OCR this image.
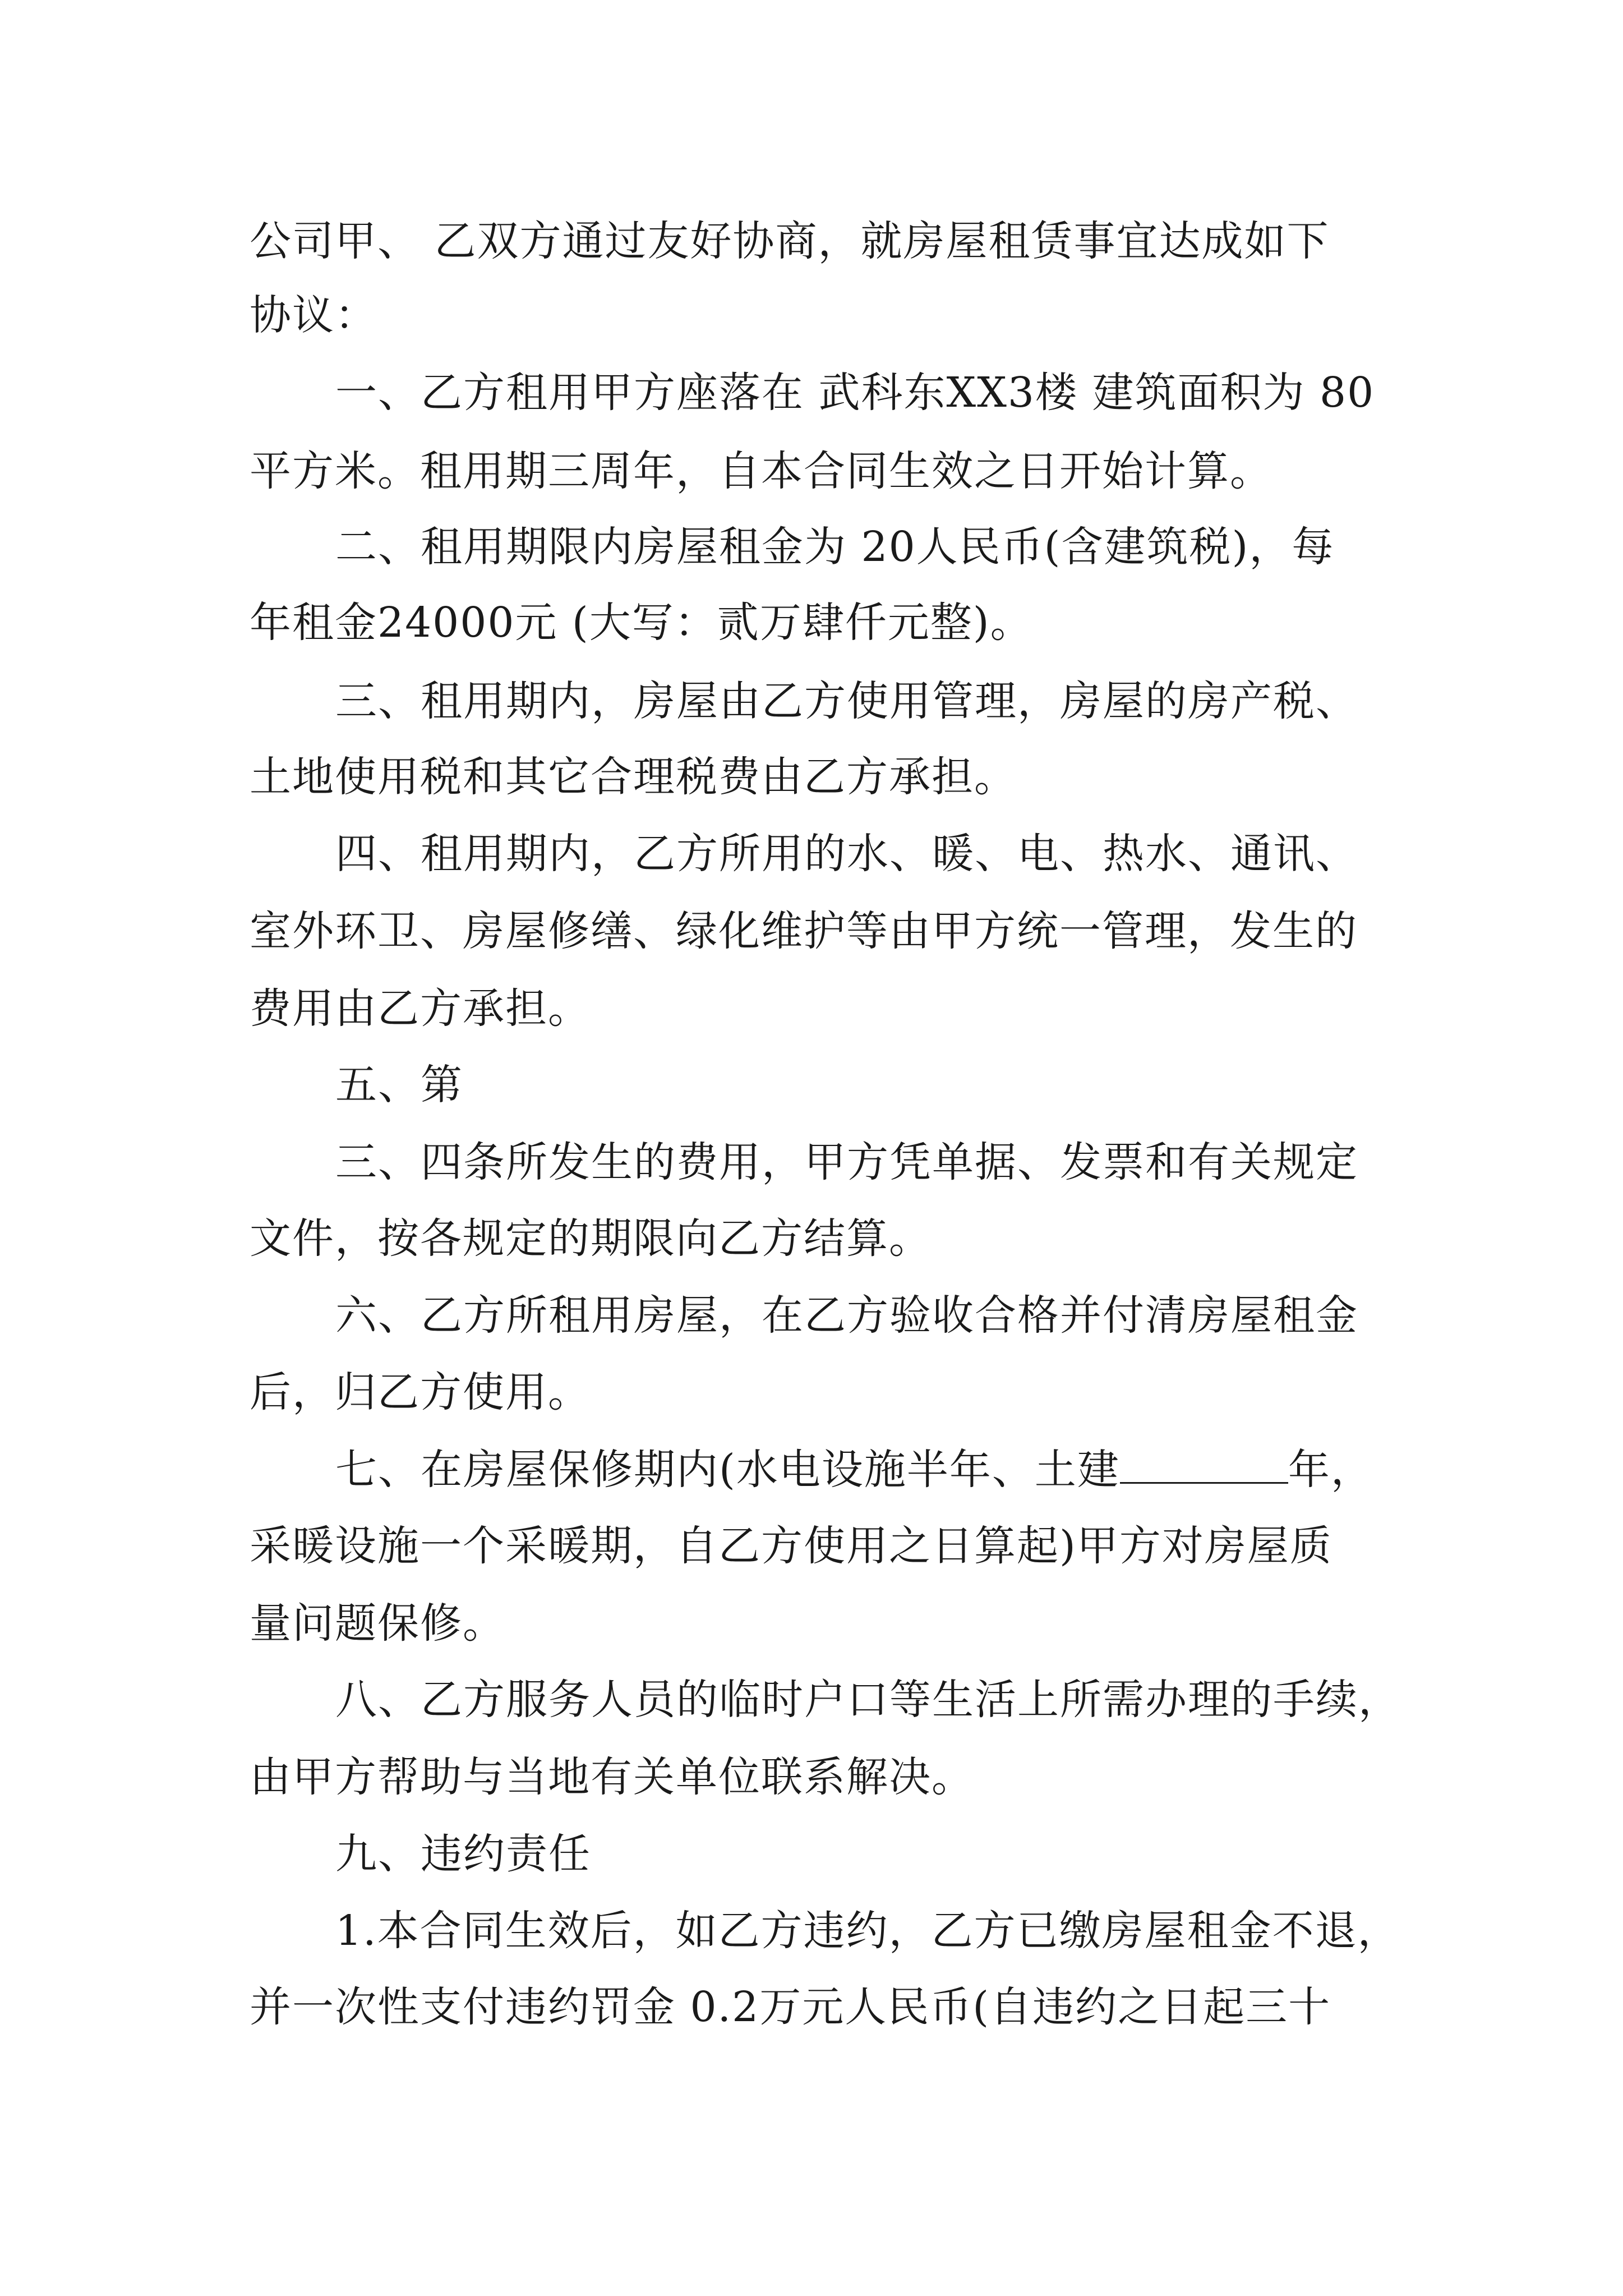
公司甲、 乙双方通过友好协商，就房屋租赁事宜达成如下
协议：
一、乙方租用甲方座落在 武科东XX3楼 建筑面积为 80
平方米。租用期三周年，自本合同生效之日开始计算。
二、租用期限内房屋租金为 20人民币(含建筑税)，每
年租金24000元 (大写：贰万肆仟元整)。
三、租用期内，房屋由乙方使用管理，房屋的房产税、
土地使用税和其它合理税费由乙方承担。
四、租用期内，乙方所用的水、暖、电、热水、通讯、
室外环卫、房屋修缮、绿化维护等由甲方统一管理，发生的
费用由乙方承担。
五、第
三、四条所发生的费用，甲方凭单据、发票和有关规定
文件，按各规定的期限向乙方结算。
六、乙方所租用房屋，在乙方验收合格并付清房屋租金
后，归乙方使用。
七、在房屋保修期内(水电设施半年、土建	年，
采暖设施一个采暖期，自乙方使用之日算起)甲方对房屋质
量问题保修。
八、乙方服务人员的临时户口等生活上所需办理的手续，
由甲方帮助与当地有关单位联系解决。
九、违约责任
1.本合同生效后，如乙方违约，乙方已缴房屋租金不退，
并一次性支付违约罚金 0.2万元人民币(自违约之日起三十
